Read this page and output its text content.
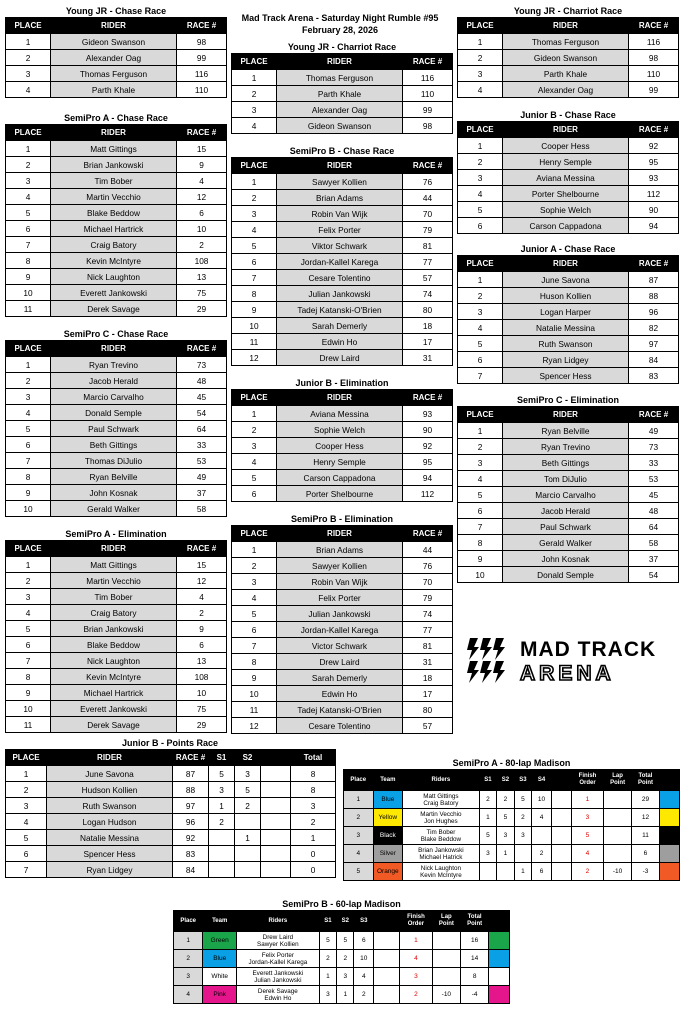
Mad Track Arena - Saturday Night Rumble #95
February 28, 2026
Young JR - Chase Race
PLACE	RIDER	RACE #
1	Gideon Swanson	98
2	Alexander Oag	99
3	Thomas Ferguson	116
4	Parth Khale	110
SemiPro A - Chase Race
PLACE	RIDER	RACE #
1	Matt Gittings	15
2	Brian Jankowski	9
3	Tim Bober	4
4	Martin Vecchio	12
5	Blake Beddow	6
6	Michael Hartrick	10
7	Craig Batory	2
8	Kevin McIntyre	108
9	Nick Laughton	13
10	Everett Jankowski	75
11	Derek Savage	29
SemiPro C - Chase Race
PLACE	RIDER	RACE #
1	Ryan Trevino	73
2	Jacob Herald	48
3	Marcio Carvalho	45
4	Donald Semple	54
5	Paul Schwark	64
6	Beth Gittings	33
7	Thomas DiJulio	53
8	Ryan Belville	49
9	John Kosnak	37
10	Gerald Walker	58
SemiPro A - Elimination
PLACE	RIDER	RACE #
1	Matt Gittings	15
2	Martin Vecchio	12
3	Tim Bober	4
4	Craig Batory	2
5	Brian Jankowski	9
6	Blake Beddow	6
7	Nick Laughton	13
8	Kevin McIntyre	108
9	Michael Hartrick	10
10	Everett Jankowski	75
11	Derek Savage	29
Young JR - Charriot Race
PLACE	RIDER	RACE #
1	Thomas Ferguson	116
2	Parth Khale	110
3	Alexander Oag	99
4	Gideon Swanson	98
SemiPro B - Chase Race
PLACE	RIDER	RACE #
1	Sawyer Kollien	76
2	Brian Adams	44
3	Robin Van Wijk	70
4	Felix Porter	79
5	Viktor Schwark	81
6	Jordan-Kallel Karega	77
7	Cesare Tolentino	57
8	Julian Jankowski	74
9	Tadej Katanski-O'Brien	80
10	Sarah Demerly	18
11	Edwin Ho	17
12	Drew Laird	31
Junior B - Elimination
PLACE	RIDER	RACE #
1	Aviana Messina	93
2	Sophie Welch	90
3	Cooper Hess	92
4	Henry Semple	95
5	Carson Cappadona	94
6	Porter Shelbourne	112
SemiPro B - Elimination
PLACE	RIDER	RACE #
1	Brian Adams	44
2	Sawyer Kollien	76
3	Robin Van Wijk	70
4	Felix Porter	79
5	Julian Jankowski	74
6	Jordan-Kallel Karega	77
7	Victor Schwark	81
8	Drew Laird	31
9	Sarah Demerly	18
10	Edwin Ho	17
11	Tadej Katanski-O'Brien	80
12	Cesare Tolentino	57
Young JR - Charriot Race
PLACE	RIDER	RACE #
1	Thomas Ferguson	116
2	Gideon Swanson	98
3	Parth Khale	110
4	Alexander Oag	99
Junior B - Chase Race
PLACE	RIDER	RACE #
1	Cooper Hess	92
2	Henry Semple	95
3	Aviana Messina	93
4	Porter Shelbourne	112
5	Sophie Welch	90
6	Carson Cappadona	94
Junior A - Chase Race
PLACE	RIDER	RACE #
1	June Savona	87
2	Huson Kollien	88
3	Logan Harper	96
4	Natalie Messina	82
5	Ruth Swanson	97
6	Ryan Lidgey	84
7	Spencer Hess	83
SemiPro C - Elimination
PLACE	RIDER	RACE #
1	Ryan Belville	49
2	Ryan Trevino	73
3	Beth Gittings	33
4	Tom DiJulio	53
5	Marcio Carvalho	45
6	Jacob Herald	48
7	Paul Schwark	64
8	Gerald Walker	58
9	John Kosnak	37
10	Donald Semple	54
MAD TRACK
ARENA
Junior B - Points Race
PLACE	RIDER	RACE #	S1	S2		Total
1	June Savona	87	5	3		8
2	Hudson Kollien	88	3	5		8
3	Ruth Swanson	97	1	2		3
4	Logan Hudson	96	2			2
5	Natalie Messina	92		1		1
6	Spencer Hess	83				0
7	Ryan Lidgey	84				0
SemiPro A - 80-lap Madison
Place	Team	Riders	S1	S2	S3	S4		Finish Order	Lap Point	Total Point	
1	Blue	Matt Gittings
Craig Batory	2	2	5	10		1		29	
2	Yellow	Martin Vecchio
Jon Hughes	1	5	2	4		3		12	
3	Black	Tim Bober
Blake Beddow	5	3	3			5		11	
4	Silver	Brian Jankowski
Michael Hatrick	3	1		2		4		6	
5	Orange	Nick Laughton
Kevin McIntyre			1	6		2	-10	-3	
SemiPro B - 60-lap Madison
Place	Team	Riders	S1	S2	S3		Finish Order	Lap Point	Total Point	
1	Green	Drew Laird
Sawyer Kollien	5	5	6		1		16	
2	Blue	Felix Porter
Jordan-Kallel Karega	2	2	10		4		14	
3	White	Everett Jankowski
Julian Jankowski	1	3	4		3		8	
4	Pink	Derek Savage
Edwin Ho	3	1	2		2	-10	-4	
